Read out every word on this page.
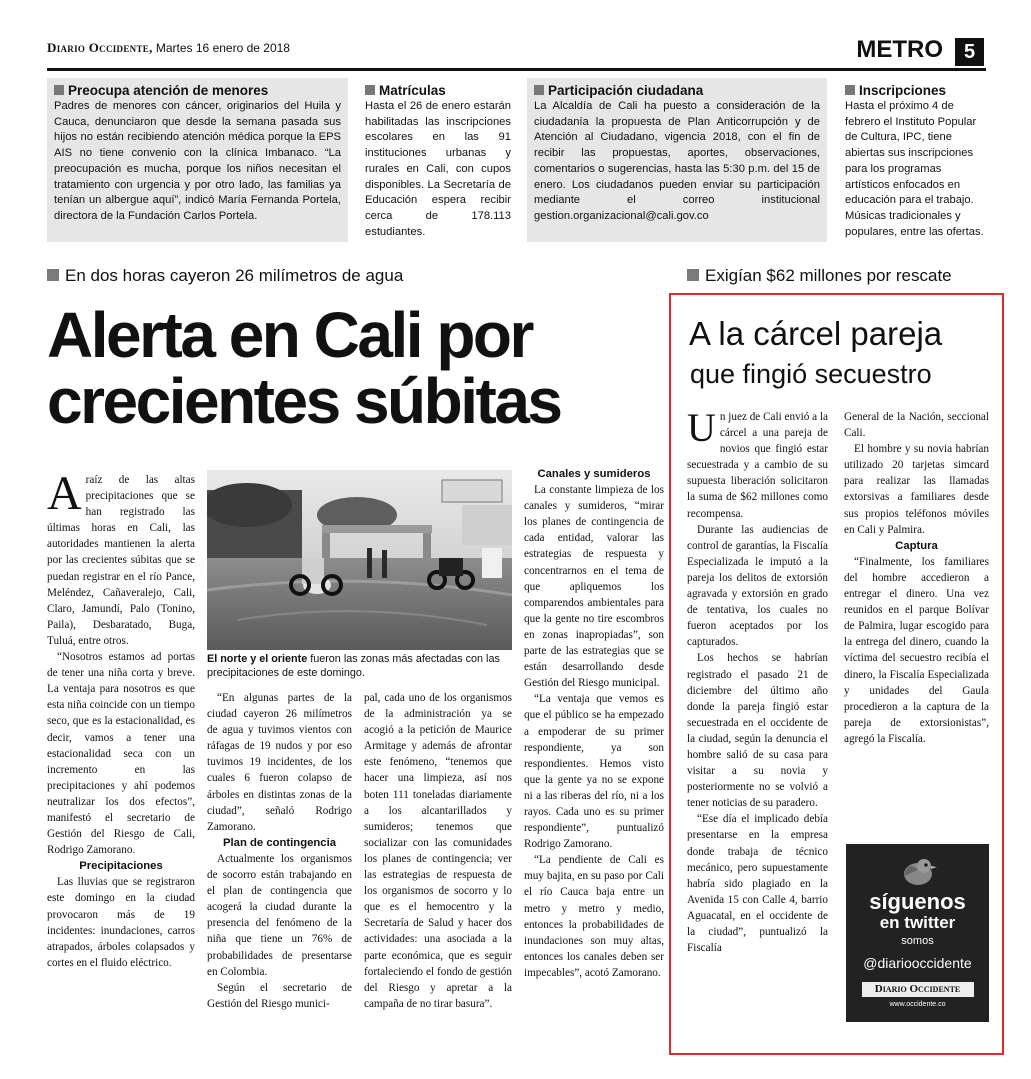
Diario Occidente, Martes 16 enero de 2018	METRO	5
Preocupa atención de menores

Padres de menores con cáncer, originarios del Huila y Cauca, denunciaron que desde la semana pasada sus hijos no están recibiendo atención médica porque la EPS AIS no tiene convenio con la clínica Imbanaco. “La preocupación es mucha, porque los niños necesitan el tratamiento con urgencia y por otro lado, las familias ya tenían un albergue aquí”, indicó María Fernanda Portela, directora de la Fundación Carlos Portela.

Matrículas

Hasta el 26 de enero estarán habilitadas las inscripciones escolares en las 91 instituciones urbanas y rurales en Cali, con cupos disponibles. La Secretaría de Educación espera recibir cerca de 178.113 estudiantes.

Participación ciudadana

La Alcaldía de Cali ha puesto a consideración de la ciudadanía la propuesta de Plan Anticorrupción y de Atención al Ciudadano, vigencia 2018, con el fin de recibir las propuestas, aportes, observaciones, comentarios o sugerencias, hasta las 5:30 p.m. del 15 de enero. Los ciudadanos pueden enviar su participación mediante el correo institucional gestion.organizacional@cali.gov.co

Inscripciones

Hasta el próximo 4 de febrero el Instituto Popular de Cultura, IPC, tiene abiertas sus inscripciones para los programas artísticos enfocados en educación para el trabajo. Músicas tradicionales y populares, entre las ofertas.

En dos horas cayeron 26 milímetros de agua
Alerta en Cali por crecientes súbitas

Araíz de las altas precipitaciones que se han registrado las últimas horas en Cali, las autoridades mantienen la alerta por las crecientes súbitas que se puedan registrar en el río Pance, Meléndez, Cañaveralejo, Cali, Claro, Jamundí, Palo (Tonino, Paila), Desbaratado, Buga, Tuluá, entre otros.

“Nosotros estamos ad portas de tener una niña corta y breve. La ventaja para nosotros es que esta niña coincide con un tiempo seco, que es la estacionalidad, es decir, vamos a tener una estacionalidad seca con un incremento en las precipitaciones y ahí podemos neutralizar los dos efectos”, manifestó el secretario de Gestión del Riesgo de Cali, Rodrigo Zamorano.

Precipitaciones

Las lluvias que se registraron este domingo en la ciudad provocaron más de 19 incidentes: inundaciones, carros atrapados, árboles colapsados y cortes en el fluido eléctrico.

El norte y el oriente fueron las zonas más afectadas con las precipitaciones de este domingo.

“En algunas partes de la ciudad cayeron 26 milímetros de agua y tuvimos vientos con ráfagas de 19 nudos y por eso tuvimos 19 incidentes, de los cuales 6 fueron colapso de árboles en distintas zonas de la ciudad”, señaló Rodrigo Zamorano.

Plan de contingencia

Actualmente los organismos de socorro están trabajando en el plan de contingencia que acogerá la ciudad durante la presencia del fenómeno de la niña que tiene un 76% de probabilidades de presentarse en Colombia.

Según el secretario de Gestión del Riesgo munici-

pal, cada uno de los organismos de la administración ya se acogió a la petición de Maurice Armitage y además de afrontar este fenómeno, “tenemos que hacer una limpieza, así nos boten 111 toneladas diariamente a los alcantarillados y sumideros; tenemos que socializar con las comunidades los planes de contingencia; ver las estrategias de respuesta de los organismos de socorro y lo que es el hemocentro y la Secretaría de Salud y hacer dos actividades: una asociada a la parte económica, que es seguir fortaleciendo el fondo de gestión del Riesgo y apretar a la campaña de no tirar basura”.

Canales y sumideros

La constante limpieza de los canales y sumideros, “mirar los planes de contingencia de cada entidad, valorar las estrategias de respuesta y concentrarnos en el tema de que apliquemos los comparendos ambientales para que la gente no tire escombros en zonas inapropiadas”, son parte de las estrategias que se están desarrollando desde Gestión del Riesgo municipal.

“La ventaja que vemos es que el público se ha empezado a empoderar de su primer respondiente, ya son respondientes. Hemos visto que la gente ya no se expone ni a las riberas del río, ni a los rayos. Cada uno es su primer respondiente”, puntualizó Rodrigo Zamorano.

“La pendiente de Cali es muy bajita, en su paso por Cali el río Cauca baja entre un metro y metro y medio, entonces la probabilidades de inundaciones son muy altas, entonces los canales deben ser impecables”, acotó Zamorano.

Exigían $62 millones por rescate
A la cárcel pareja
que fingió secuestro

Un juez de Cali envió a la cárcel a una pareja de novios que fingió estar secuestrada y a cambio de su supuesta liberación solicitaron la suma de $62 millones como recompensa.

Durante las audiencias de control de garantías, la Fiscalía Especializada le imputó a la pareja los delitos de extorsión agravada y extorsión en grado de tentativa, los cuales no fueron aceptados por los capturados.

Los hechos se habrían registrado el pasado 21 de diciembre del último año donde la pareja fingió estar secuestrada en el occidente de la ciudad, según la denuncia el hombre salió de su casa para visitar a su novia y posteriormente no se volvió a tener noticias de su paradero.

“Ese día el implicado debía presentarse en la empresa donde trabaja de técnico mecánico, pero supuestamente habría sido plagiado en la Avenida 15 con Calle 4, barrio Aguacatal, en el occidente de la ciudad”, puntualizó la Fiscalía

General de la Nación, seccional Cali.

El hombre y su novia habrían utilizado 20 tarjetas simcard para realizar las llamadas extorsivas a familiares desde sus propios teléfonos móviles en Cali y Palmira.

Captura

“Finalmente, los familiares del hombre accedieron a entregar el dinero. Una vez reunidos en el parque Bolívar de Palmira, lugar escogido para la entrega del dinero, cuando la víctima del secuestro recibía el dinero, la Fiscalía Especializada y unidades del Gaula procedieron a la captura de la pareja de extorsionistas”, agregó la Fiscalía.

síguenos
en twitter
somos
@diariooccidente
Diario Occidente
www.occidente.co
